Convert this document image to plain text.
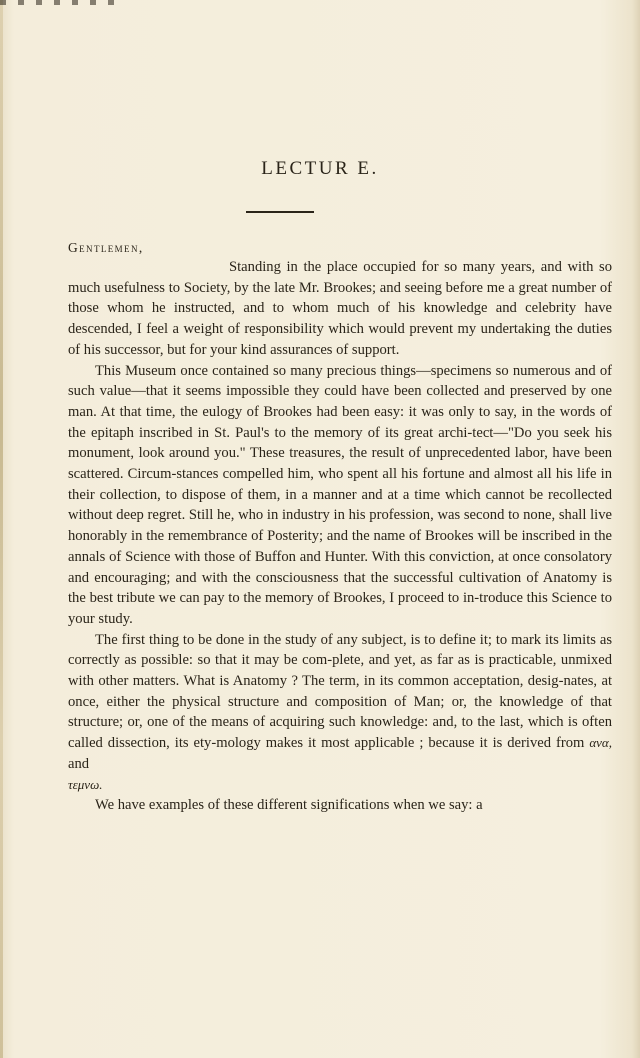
LECTUR E.
Gentlemen,

Standing in the place occupied for so many years, and with so much usefulness to Society, by the late Mr. Brookes; and seeing before me a great number of those whom he instructed, and to whom much of his knowledge and celebrity have descended, I feel a weight of responsibility which would prevent my undertaking the duties of his successor, but for your kind assurances of support.

This Museum once contained so many precious things—specimens so numerous and of such value—that it seems impossible they could have been collected and preserved by one man. At that time, the eulogy of Brookes had been easy: it was only to say, in the words of the epitaph inscribed in St. Paul's to the memory of its great archi-tect—"Do you seek his monument, look around you." These treasures, the result of unprecedented labor, have been scattered. Circum-stances compelled him, who spent all his fortune and almost all his life in their collection, to dispose of them, in a manner and at a time which cannot be recollected without deep regret. Still he, who in industry in his profession, was second to none, shall live honorably in the remembrance of Posterity; and the name of Brookes will be inscribed in the annals of Science with those of Buffon and Hunter. With this conviction, at once consolatory and encouraging; and with the consciousness that the successful cultivation of Anatomy is the best tribute we can pay to the memory of Brookes, I proceed to in-troduce this Science to your study.

The first thing to be done in the study of any subject, is to define it; to mark its limits as correctly as possible: so that it may be com-plete, and yet, as far as is practicable, unmixed with other matters. What is Anatomy ? The term, in its common acceptation, desig-nates, at once, either the physical structure and composition of Man; or, the knowledge of that structure; or, one of the means of acquiring such knowledge: and, to the last, which is often called dissection, its ety-mology makes it most applicable ; because it is derived from ανα, and
τεμνω.

We have examples of these different significations when we say: a
